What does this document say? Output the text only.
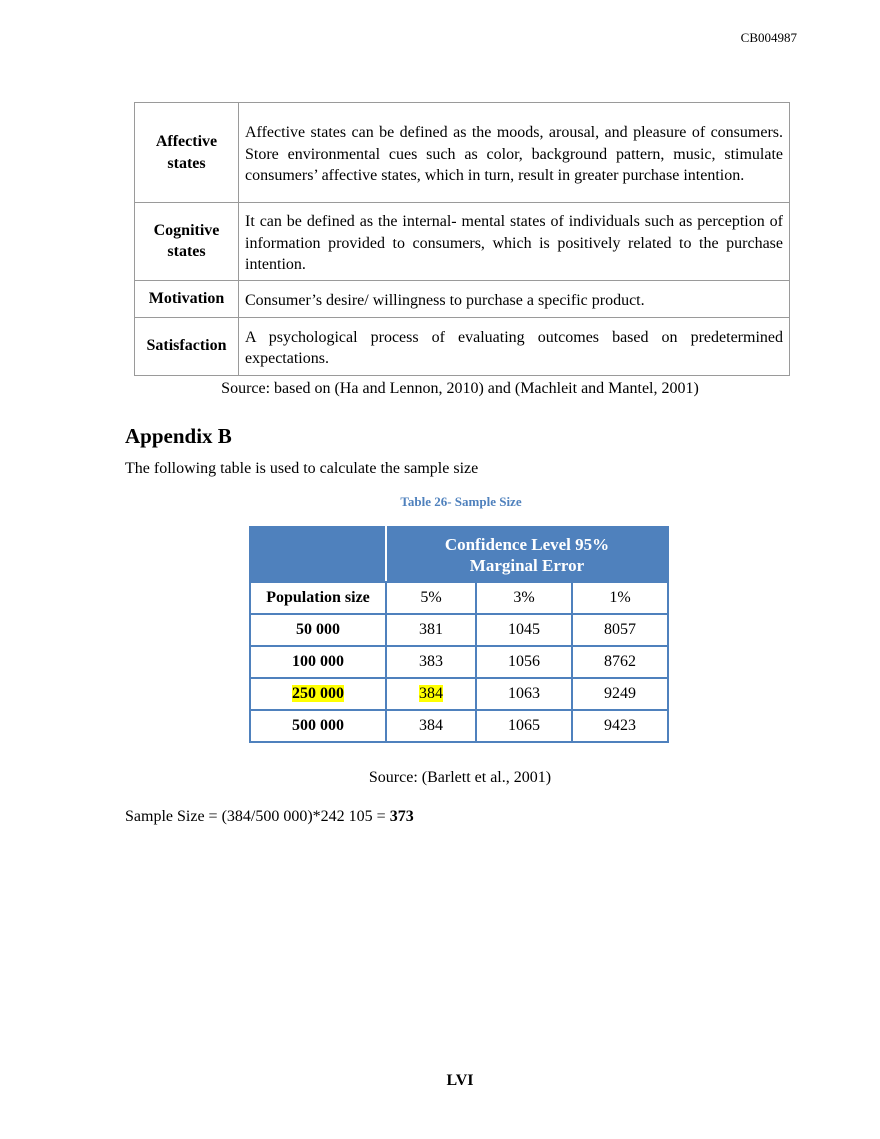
CB004987
Affective
states	Affective states can be defined as the moods, arousal, and pleasure of consumers. Store environmental cues such as color, background pattern, music, stimulate consumers’ affective states, which in turn, result in greater purchase intention.
Cognitive
states	It can be defined as the internal- mental states of individuals such as perception of information provided to consumers, which is positively related to the purchase intention.
Motivation	Consumer’s desire/ willingness to purchase a specific product.
Satisfaction	A psychological process of evaluating outcomes based on predetermined expectations.
Source: based on (Ha and Lennon, 2010) and (Machleit and Mantel, 2001)
Appendix B
The following table is used to calculate the sample size
Table 26- Sample Size
	Confidence Level 95%
Marginal Error		
Population size	5%	3%	1%
50 000	381	1045	8057
100 000	383	1056	8762
250 000	384	1063	9249
500 000	384	1065	9423
Source: (Barlett et al., 2001)
Sample Size = (384/500 000)*242 105 = 373
LVI
